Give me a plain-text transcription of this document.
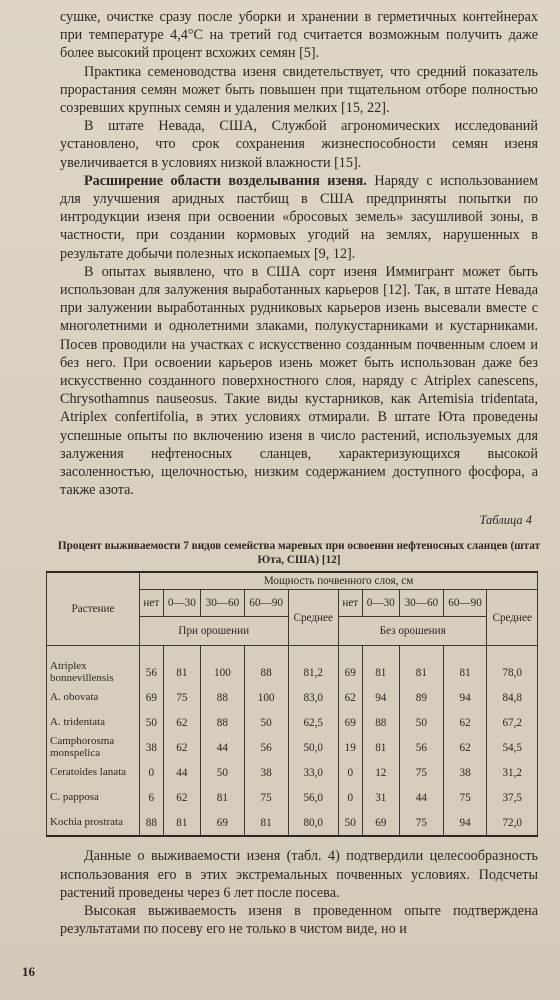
сушке, очистке сразу после уборки и хранении в герметичных контейнерах при температуре 4,4°С на третий год считается возможным получить даже более высокий процент всхожих семян [5].

Практика семеноводства изеня свидетельствует, что средний показатель прорастания семян может быть повышен при тщательном отборе полностью созревших крупных семян и удаления мелких [15, 22].

В штате Невада, США, Службой агрономических исследований установлено, что срок сохранения жизнеспособности семян изеня увеличивается в условиях низкой влажности [15].

Расширение области возделывания изеня. Наряду с использованием для улучшения аридных пастбищ в США предприняты попытки по интродукции изеня при освоении «бросовых земель» засушливой зоны, в частности, при создании кормовых угодий на землях, нарушенных в результате добычи полезных ископаемых [9, 12].

В опытах выявлено, что в США сорт изеня Иммигрант может быть использован для залужения выработанных карьеров [12]. Так, в штате Невада при залужении выработанных рудниковых карьеров изень высевали вместе с многолетними и однолетними злаками, полукустарниками и кустарниками. Посев проводили на участках с искусственно созданным почвенным слоем и без него. При освоении карьеров изень может быть использован даже без искусственно созданного поверхностного слоя, наряду с Atriplex canescens, Chrysothamnus nauseosus. Такие виды кустарников, как Artemisia tridentata, Atriplex confertifolia, в этих условиях отмирали. В штате Юта проведены успешные опыты по включению изеня в число растений, используемых для залужения нефтеносных сланцев, характеризующихся высокой засоленностью, щелочностью, низким содержанием доступного фосфора, а также азота.

Таблица 4
Процент выживаемости 7 видов семейства маревых при освоении нефтеносных сланцев (штат Юта, США) [12]
Растение	Мощность почвенного слоя, см									
	нет	0—30	30—60	60—90	Среднее	нет	0—30	30—60	60—90	Среднее
	При орошении					Без орошения				
Atriplex bonnevillensis	56	81	100	88	81,2	69	81	81	81	78,0
A. obovata	69	75	88	100	83,0	62	94	89	94	84,8
A. tridentata	50	62	88	50	62,5	69	88	50	62	67,2
Camphorosma monspelica	38	62	44	56	50,0	19	81	56	62	54,5
Ceratoides lanata	0	44	50	38	33,0	0	12	75	38	31,2
C. papposa	6	62	81	75	56,0	0	31	44	75	37,5
Kochia prostrata	88	81	69	81	80,0	50	69	75	94	72,0

Данные о выживаемости изеня (табл. 4) подтвердили целесообразность использования его в этих экстремальных почвенных условиях. Подсчеты растений проведены через 6 лет после посева.

Высокая выживаемость изеня в проведенном опыте подтверждена результатами по посеву его не только в чистом виде, но и

16
